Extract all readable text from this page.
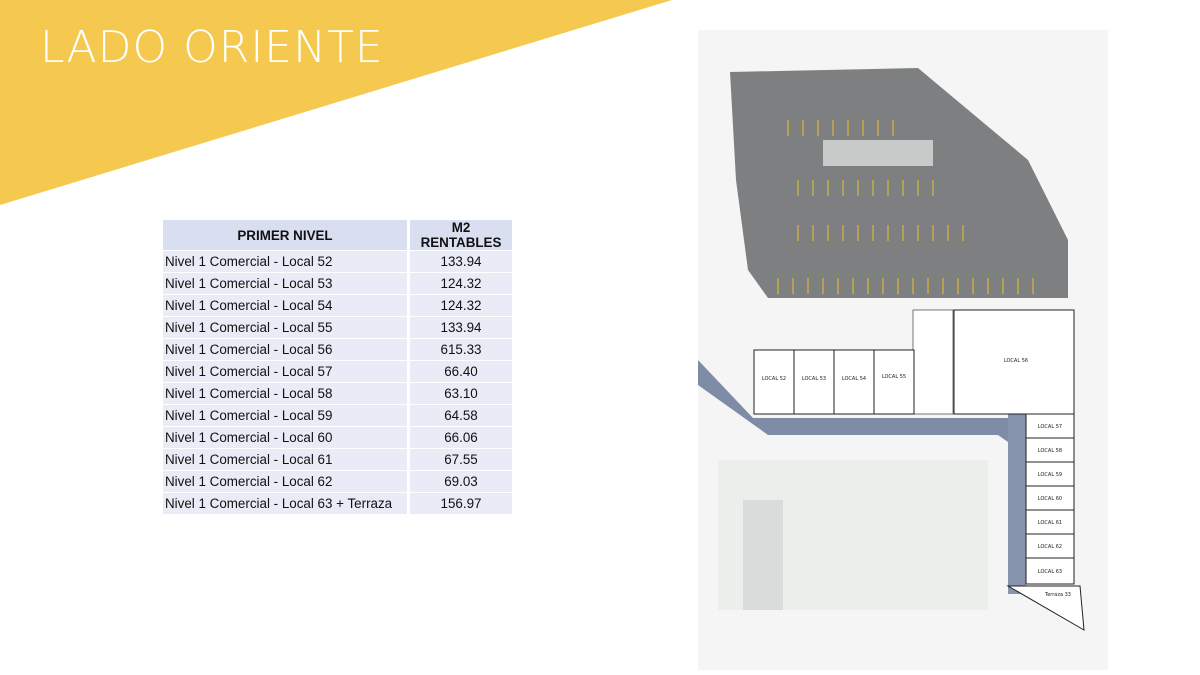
LADO ORIENTE
PRIMER NIVEL		M2 RENTABLES
Nivel 1 Comercial - Local 52		133.94
Nivel 1 Comercial - Local 53		124.32
Nivel 1 Comercial - Local 54		124.32
Nivel 1 Comercial - Local 55		133.94
Nivel 1 Comercial - Local 56		615.33
Nivel 1 Comercial - Local 57		66.40
Nivel 1 Comercial - Local 58		63.10
Nivel 1 Comercial - Local 59		64.58
Nivel 1 Comercial - Local 60		66.06
Nivel 1 Comercial - Local 61		67.55
Nivel 1 Comercial - Local 62		69.03
Nivel 1 Comercial - Local 63 + Terraza		156.97
LOCAL 52	LOCAL 53	LOCAL 54	LOCAL 55
LOCAL 56
LOCAL 57
LOCAL 58
LOCAL 59
LOCAL 60
LOCAL 61
LOCAL 62
LOCAL 63
Terraza 33
